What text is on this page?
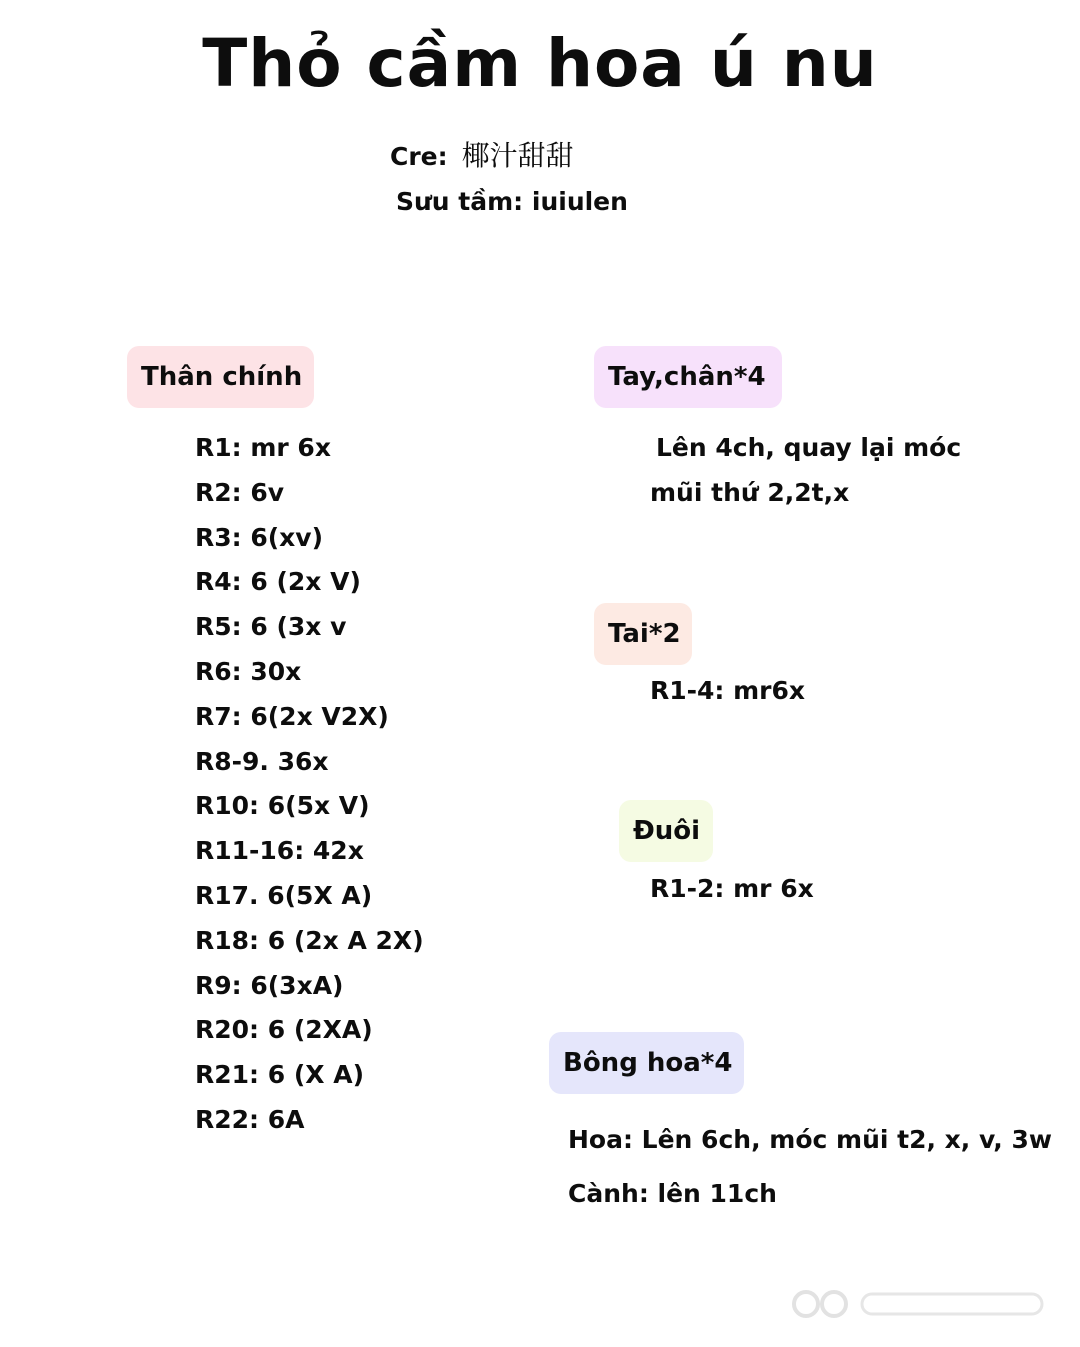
Thỏ cầm hoa ú nu
Cre: 椰汁甜甜
Sưu tầm: iuiulen
Thân chính
R1: mr 6x
R2: 6v
R3: 6(xv)
R4: 6 (2x V)
R5: 6 (3x v
R6: 30x
R7: 6(2x V2X)
R8-9. 36x
R10: 6(5x V)
R11-16: 42x
R17. 6(5X A)
R18: 6 (2x A 2X)
R9: 6(3xA)
R20: 6 (2XA)
R21: 6 (X A)
R22: 6A
Tay,chân*4
Lên 4ch, quay lại móc
mũi thứ 2,2t,x
Tai*2
R1-4: mr6x
Đuôi
R1-2: mr 6x
Bông hoa*4
Hoa: Lên 6ch, móc mũi t2, x, v, 3w
Cành: lên 11ch
